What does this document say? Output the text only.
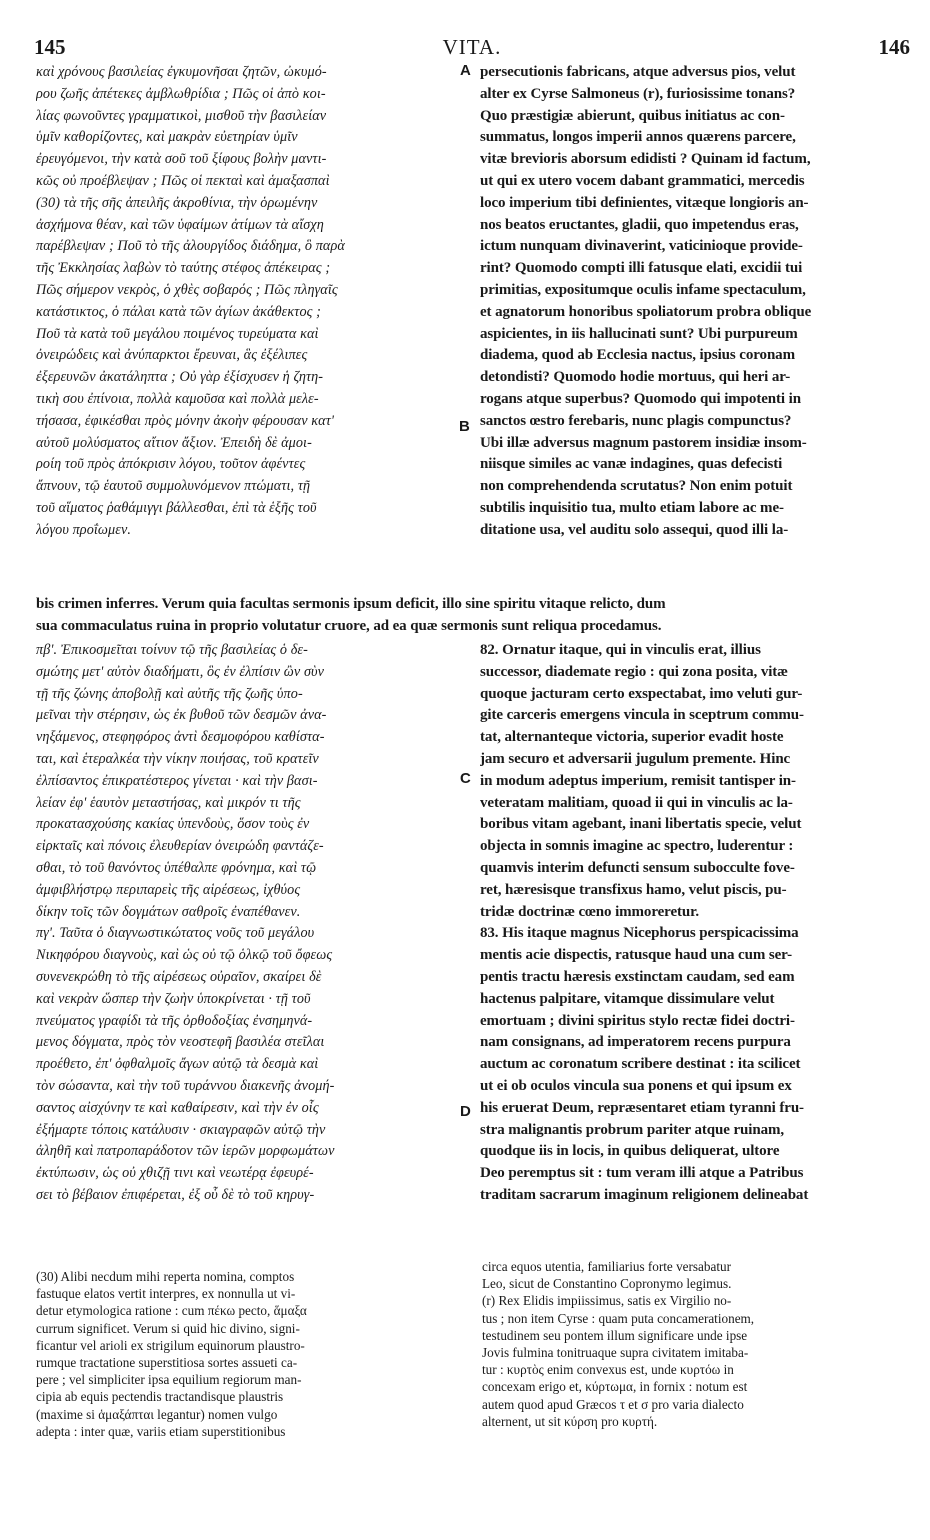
145	VITA.	146
A
B
C
D
καὶ χρόνους βασιλείας ἐγκυμονῆσαι ζητῶν, ὠκυμό-
ρου ζωῆς ἀπέτεκες ἀμβλωθρίδια ; Πῶς οἱ ἀπὸ κοι-
λίας φωνοῦντες γραμματικοὶ, μισθοῦ τὴν βασιλείαν
ὑμῖν καθορίζοντες, καὶ μακρὰν εὐετηρίαν ὑμῖν
ἐρευγόμενοι, τὴν κατὰ σοῦ τοῦ ξίφους βολὴν μαντι-
κῶς οὐ προέβλεψαν ; Πῶς οἱ πεκταὶ καὶ ἁμαξασπαὶ
(30) τὰ τῆς σῆς ἀπειλῆς ἀκροθίνια, τὴν ὁρωμένην
ἀσχήμονα θέαν, καὶ τῶν ὑφαίμων ἀτίμων τὰ αἴσχη
παρέβλεψαν ; Ποῦ τὸ τῆς ἀλουργίδος διάδημα, ὃ παρὰ
τῆς Ἐκκλησίας λαβὼν τὸ ταύτης στέφος ἀπέκειρας ;
Πῶς σήμερον νεκρὸς, ὁ χθὲς σοβαρός ; Πῶς πληγαῖς
κατάστικτος, ὁ πάλαι κατὰ τῶν ἁγίων ἀκάθεκτος ;
Ποῦ τὰ κατὰ τοῦ μεγάλου ποιμένος τυρεύματα καὶ
ὀνειρώδεις καὶ ἀνύπαρκτοι ἔρευναι, ἃς ἐξέλιπες
ἐξερευνῶν ἀκατάληπτα ; Οὐ γὰρ ἐξίσχυσεν ἡ ζητη-
τικὴ σου ἐπίνοια, πολλὰ καμοῦσα καὶ πολλὰ μελε-
τήσασα, ἐφικέσθαι πρὸς μόνην ἀκοὴν φέρουσαν κατ'
αὐτοῦ μολύσματος αἴτιον ἄξιον. Ἐπειδὴ δὲ ἀμοι-
ροίη τοῦ πρὸς ἀπόκρισιν λόγου, τοῦτον ἀφέντες
ἄπνουν, τῷ ἑαυτοῦ συμμολυνόμενον πτώματι, τῇ
τοῦ αἵματος ῥαθάμιγγι βάλλεσθαι, ἐπὶ τὰ ἑξῆς τοῦ
λόγου προΐωμεν.
persecutionis fabricans, atque adversus pios, velut
alter ex Cyrse Salmoneus (r), furiosissime tonans?
Quo præstigiæ abierunt, quibus initiatus ac con-
summatus, longos imperii annos quærens parcere,
vitæ brevioris aborsum edidisti ? Quinam id factum,
ut qui ex utero vocem dabant grammatici, mercedis
loco imperium tibi definientes, vitæque longioris an-
nos beatos eructantes, gladii, quo impetendus eras,
ictum nunquam divinaverint, vaticinioque provide-
rint? Quomodo compti illi fatusque elati, excidii tui
primitias, expositumque oculis infame spectaculum,
et agnatorum honoribus spoliatorum probra oblique
aspicientes, in iis hallucinati sunt? Ubi purpureum
diadema, quod ab Ecclesia nactus, ipsius coronam
detondisti? Quomodo hodie mortuus, qui heri ar-
rogans atque superbus? Quomodo qui impotenti in
sanctos œstro ferebaris, nunc plagis compunctus?
Ubi illæ adversus magnum pastorem insidiæ insom-
niisque similes ac vanæ indagines, quas defecisti
non comprehendenda scrutatus? Non enim potuit
subtilis inquisitio tua, multo etiam labore ac me-
ditatione usa, vel auditu solo assequi, quod illi la-
bis crimen inferres. Verum quia facultas sermonis ipsum deficit, illo sine spiritu vitaque relicto, dum
sua commaculatus ruina in proprio volutatur cruore, ad ea quæ sermonis sunt reliqua procedamus.
πβ'. Ἐπικοσμεῖται τοίνυν τῷ τῆς βασιλείας ὁ δε-
σμώτης μετ' αὐτὸν διαδήματι, ὃς ἐν ἐλπίσιν ὢν σὺν
τῇ τῆς ζώνης ἀποβολῇ καὶ αὐτῆς τῆς ζωῆς ὑπο-
μεῖναι τὴν στέρησιν, ὡς ἐκ βυθοῦ τῶν δεσμῶν ἀνα-
νηξάμενος, στεφηφόρος ἀντὶ δεσμοφόρου καθίστα-
ται, καὶ ἑτεραλκέα τὴν νίκην ποιήσας, τοῦ κρατεῖν
ἐλπίσαντος ἐπικρατέστερος γίνεται · καὶ τὴν βασι-
λείαν ἐφ' ἑαυτὸν μεταστήσας, καὶ μικρόν τι τῆς
προκατασχούσης κακίας ὑπενδοὺς, ὅσον τοὺς ἐν
εἱρκταῖς καὶ πόνοις ἐλευθερίαν ὀνειρώδη φαντάζε-
σθαι, τὸ τοῦ θανόντος ὑπέθαλπε φρόνημα, καὶ τῷ
ἀμφιβλήστρῳ περιπαρεὶς τῆς αἱρέσεως, ἰχθύος
δίκην τοῖς τῶν δογμάτων σαθροῖς ἐναπέθανεν.
πγ'. Ταῦτα ὁ διαγνωστικώτατος νοῦς τοῦ μεγάλου
Νικηφόρου διαγνοὺς, καὶ ὡς οὐ τῷ ὁλκῷ τοῦ ὄφεως
συνενεκρώθη τὸ τῆς αἱρέσεως οὐραῖον, σκαίρει δὲ
καὶ νεκρὰν ὥσπερ τὴν ζωὴν ὑποκρίνεται · τῇ τοῦ
πνεύματος γραφίδι τὰ τῆς ὀρθοδοξίας ἐνσημηνά-
μενος δόγματα, πρὸς τὸν νεοστεφῆ βασιλέα στεῖλαι
προέθετο, ἐπ' ὀφθαλμοῖς ἄγων αὐτῷ τὰ δεσμὰ καὶ
τὸν σώσαντα, καὶ τὴν τοῦ τυράννου διακενῆς ἀνομή-
σαντος αἰσχύνην τε καὶ καθαίρεσιν, καὶ τὴν ἐν οἷς
ἐξήμαρτε τόποις κατάλυσιν · σκιαγραφῶν αὐτῷ τὴν
ἀληθῆ καὶ πατροπαράδοτον τῶν ἱερῶν μορφωμάτων
ἐκτύπωσιν, ὡς οὐ χθιζῇ τινι καὶ νεωτέρᾳ ἐφευρέ-
σει τὸ βέβαιον ἐπιφέρεται, ἐξ οὗ δὲ τὸ τοῦ κηρυγ-
82. Ornatur itaque, qui in vinculis erat, illius
successor, diademate regio : qui zona posita, vitæ
quoque jacturam certo exspectabat, imo veluti gur-
gite carceris emergens vincula in sceptrum commu-
tat, alternanteque victoria, superior evadit hoste
jam securo et adversarii jugulum premente. Hinc
in modum adeptus imperium, remisit tantisper in-
veteratam malitiam, quoad ii qui in vinculis ac la-
boribus vitam agebant, inani libertatis specie, velut
objecta in somnis imagine ac spectro, luderentur :
quamvis interim defuncti sensum subocculte fove-
ret, hæresisque transfixus hamo, velut piscis, pu-
tridæ doctrinæ cœno immoreretur.
83. His itaque magnus Nicephorus perspicacissima
mentis acie dispectis, ratusque haud una cum ser-
pentis tractu hæresis exstinctam caudam, sed eam
hactenus palpitare, vitamque dissimulare velut
emortuam ; divini spiritus stylo rectæ fidei doctri-
nam consignans, ad imperatorem recens purpura
auctum ac coronatum scribere destinat : ita scilicet
ut ei ob oculos vincula sua ponens et qui ipsum ex
his eruerat Deum, repræsentaret etiam tyranni fru-
stra malignantis probrum pariter atque ruinam,
quodque iis in locis, in quibus deliquerat, ultore
Deo peremptus sit : tum veram illi atque a Patribus
traditam sacrarum imaginum religionem delineabat
(30) Alibi necdum mihi reperta nomina, comptos
fastuque elatos vertit interpres, ex nonnulla ut vi-
detur etymologica ratione : cum πέκω pecto, ἅμαξα
currum significet. Verum si quid hic divino, signi-
ficantur vel arioli ex strigilum equinorum plaustro-
rumque tractatione superstitiosa sortes assueti ca-
pere ; vel simpliciter ipsa equilium regiorum man-
cipia ab equis pectendis tractandisque plaustris
(maxime si ἁμαξάπται legantur) nomen vulgo
adepta : inter quæ, variis etiam superstitionibus
circa equos utentia, familiarius forte versabatur
Leo, sicut de Constantino Copronymo legimus.
(r) Rex Elidis impiissimus, satis ex Virgilio no-
tus ; non item Cyrse : quam puta concamerationem,
testudinem seu pontem illum significare unde ipse
Jovis fulmina tonitruaque supra civitatem imitaba-
tur : κυρτὸς enim convexus est, unde κυρτόω in
concexam erigo et, κύρτωμα, in fornix : notum est
autem quod apud Græcos τ et σ pro varia dialecto
alternent, ut sit κύρση pro κυρτή.
